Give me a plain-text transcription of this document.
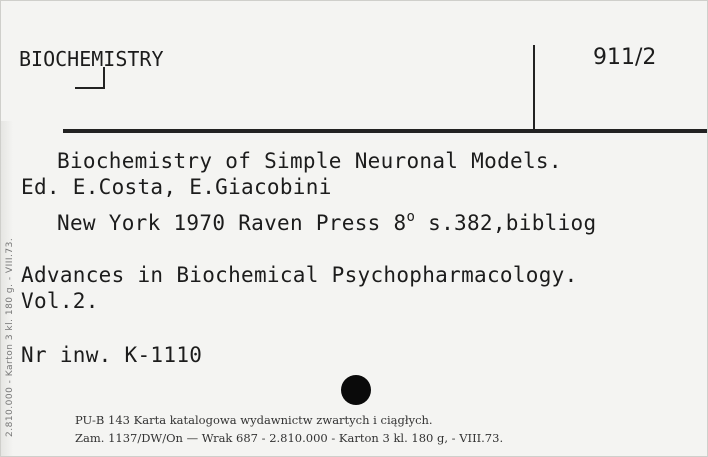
2.810.000 - Karton 3 kl. 180 g. - VIII.73.
BIOCHEMISTRY	911/2
Biochemistry of Simple Neuronal Models.
Ed. E.Costa, E.Giacobini
New York 1970 Raven Press 8$^o$ s.382,bibliog
Advances in Biochemical Psychopharmacology.
Vol.2.
Nr inw. K-1110
PU-B 143 Karta katalogowa wydawnictw zwartych i ciągłych.
Zam. 1137/DW/On — Wrak 687 - 2.810.000 - Karton 3 kl. 180 g, - VIII.73.
